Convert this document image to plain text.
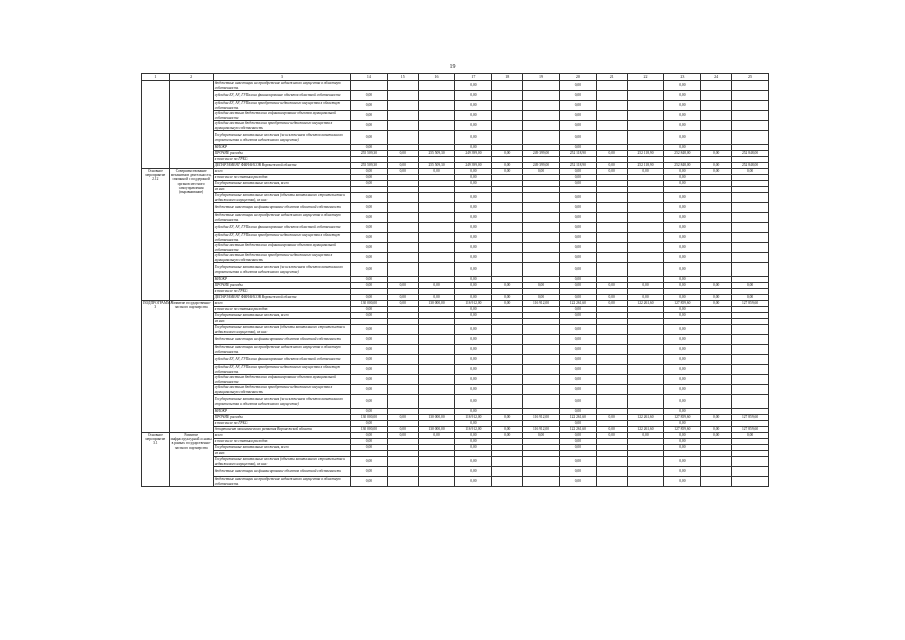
19
1	2	3	14	15	16	17	18	19	20	21	22	23	24	25
		бюджетные инвестиции на приобретение недвижимого имущества в областную собственность				0,00			0,00			0,00		
		субсидии БУ, АУ, ГУПам на финансирование объектов областной собственности	0,00			0,00			0,00			0,00		
		субсидии БУ, АУ, ГУПам на приобретение недвижимого имущества в областную собственность	0,00			0,00			0,00			0,00		
		субсидии местным бюджетам на софинансирование объектов муниципальной собственности	0,00			0,00			0,00			0,00		
		субсидии местным бюджетам на приобретение недвижимого имущества в муниципальную собственность	0,00			0,00			0,00			0,00		
		Государственные капитальные вложения (за исключением объектов капитального строительства и объектов недвижимого имущества)	0,00			0,00			0,00			0,00		
		НИОКР	0,00			0,00			0,00			0,00		
		ПРОЧИЕ расходы	255 509,30	0,00	255 509,30	249 399,00	0,00	249 399,00	252 118,90	0,00	252 118,90	252 848,00	0,00	252 848,00
		в том числе по ГРБС:												
		ДЕПАРТАМЕНТ ФИНАНСОВ Воронежской области	255 509,30	0,00	255 509,30	249 399,00	0,00	249 399,00	252 118,90	0,00	252 118,90	252 848,00	0,00	252 848,00
Основное мероприятие 2.12	Совершенствование механизмов деятельности, связанной с поддержкой органов местного самоуправления (выравнивание)	всего	0,00	0,00	0,00	0,00	0,00	0,00	0,00	0,00	0,00	0,00	0,00	0,00
		в том числе по статьям расходов:	0,00			0,00			0,00			0,00		
		Государственные капитальные вложения, всего	0,00			0,00			0,00			0,00		
		из них:												
		Государственные капитальные вложения (объекты капитального строительства и недвижимого имущества), из них:	0,00			0,00			0,00			0,00		
		бюджетные инвестиции на финансирование объектов областной собственности	0,00			0,00			0,00			0,00		
		бюджетные инвестиции на приобретение недвижимого имущества в областную собственность	0,00			0,00			0,00			0,00		
		субсидии БУ, АУ, ГУПам на финансирование объектов областной собственности	0,00			0,00			0,00			0,00		
		субсидии БУ, АУ, ГУПам на приобретение недвижимого имущества в областную собственность	0,00			0,00			0,00			0,00		
		субсидии местным бюджетам на софинансирование объектов муниципальной собственности	0,00			0,00			0,00			0,00		
		субсидии местным бюджетам на приобретение недвижимого имущества в муниципальную собственность	0,00			0,00			0,00			0,00		
		Государственные капитальные вложения (за исключением объектов капитального строительства и объектов недвижимого имущества)	0,00			0,00			0,00			0,00		
		НИОКР	0,00			0,00			0,00			0,00		
		ПРОЧИЕ расходы	0,00	0,00	0,00	0,00	0,00	0,00	0,00	0,00	0,00	0,00	0,00	0,00
		в том числе по ГРБС:												
		ДЕПАРТАМЕНТ ФИНАНСОВ Воронежской области	0,00	0,00	0,00	0,00	0,00	0,00	0,00	0,00	0,00	0,00	0,00	0,00
ПОДПРОГРАММА 3	Развитие государственно-частного партнерства	всего	130 000,00	0,00	130 000,00	116 912,00	0,00	116 912,00	122 261,60	0,00	122 261,60	127 859,60	0,00	127 859,60
		в том числе по статьям расходов:	0,00			0,00			0,00			0,00		
		Государственные капитальные вложения, всего	0,00			0,00			0,00			0,00		
		из них:												
		Государственные капитальные вложения (объекты капитального строительства и недвижимого имущества), из них:	0,00			0,00			0,00			0,00		
		бюджетные инвестиции на финансирование объектов областной собственности	0,00			0,00			0,00			0,00		
		бюджетные инвестиции на приобретение недвижимого имущества в областную собственность	0,00			0,00			0,00			0,00		
		субсидии БУ, АУ, ГУПам на финансирование объектов областной собственности	0,00			0,00			0,00			0,00		
		субсидии БУ, АУ, ГУПам на приобретение недвижимого имущества в областную собственность	0,00			0,00			0,00			0,00		
		субсидии местным бюджетам на софинансирование объектов муниципальной собственности	0,00			0,00			0,00			0,00		
		субсидии местным бюджетам на приобретение недвижимого имущества в муниципальную собственность	0,00			0,00			0,00			0,00		
		Государственные капитальные вложения (за исключением объектов капитального строительства и объектов недвижимого имущества)	0,00			0,00			0,00			0,00		
		НИОКР	0,00			0,00			0,00			0,00		
		ПРОЧИЕ расходы	130 000,00	0,00	130 000,00	116 912,00	0,00	116 912,00	122 261,60	0,00	122 261,60	127 859,60	0,00	127 859,60
		в том числе по ГРБС:	0,00			0,00			0,00			0,00		
		департамент экономического развития Воронежской области	130 000,00	0,00	130 000,00	116 912,00	0,00	116 912,00	122 261,60	0,00	122 261,60	127 859,60	0,00	127 859,60
Основное мероприятие 3.1	Развитие инфраструктурной основы в рамках государственно-частного партнерства	всего	0,00	0,00	0,00	0,00	0,00	0,00	0,00	0,00	0,00	0,00	0,00	0,00
		в том числе по статьям расходов:	0,00			0,00			0,00			0,00		
		Государственные капитальные вложения, всего	0,00			0,00			0,00			0,00		
		из них:												
		Государственные капитальные вложения (объекты капитального строительства и недвижимого имущества), из них:	0,00			0,00			0,00			0,00		
		бюджетные инвестиции на финансирование объектов областной собственности	0,00			0,00			0,00			0,00		
		бюджетные инвестиции на приобретение недвижимого имущества в областную собственность	0,00			0,00			0,00			0,00		
